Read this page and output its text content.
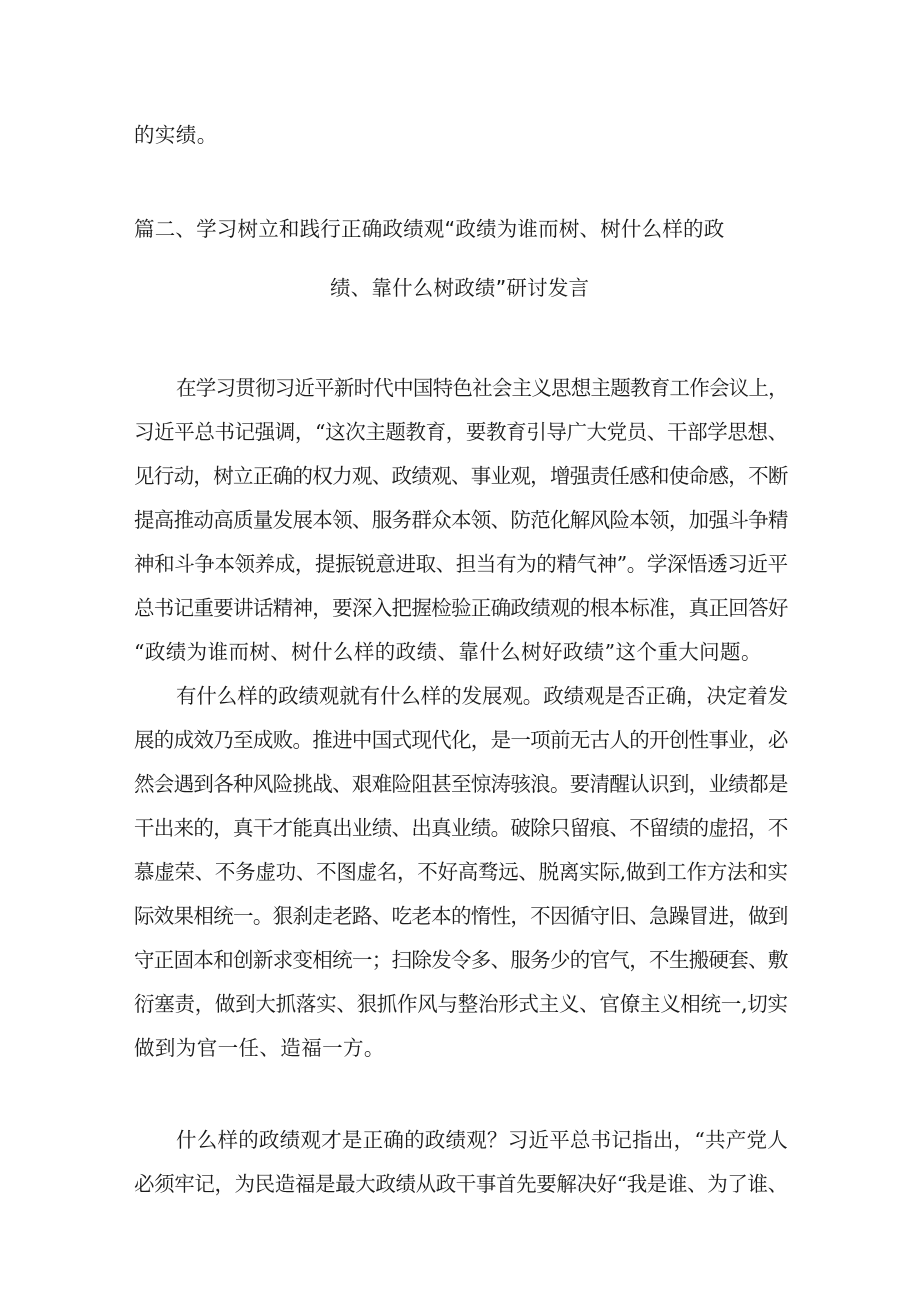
的实绩。
篇二、学习树立和践行正确政绩观“政绩为谁而树、树什么样的政
绩、靠什么树政绩”研讨发言
在学习贯彻习近平新时代中国特色社会主义思想主题教育工作会议上，
习近平总书记强调，“这次主题教育，要教育引导广大党员、干部学思想、
见行动，树立正确的权力观、政绩观、事业观，增强责任感和使命感，不断
提高推动高质量发展本领、服务群众本领、防范化解风险本领，加强斗争精
神和斗争本领养成，提振锐意进取、担当有为的精气神”。学深悟透习近平
总书记重要讲话精神，要深入把握检验正确政绩观的根本标准，真正回答好
“政绩为谁而树、树什么样的政绩、靠什么树好政绩”这个重大问题。
有什么样的政绩观就有什么样的发展观。政绩观是否正确，决定着发
展的成效乃至成败。推进中国式现代化，是一项前无古人的开创性事业，必
然会遇到各种风险挑战、艰难险阻甚至惊涛骇浪。要清醒认识到，业绩都是
干出来的，真干才能真出业绩、出真业绩。破除只留痕、不留绩的虚招，不
慕虚荣、不务虚功、不图虚名，不好高骛远、脱离实际,做到工作方法和实
际效果相统一。狠刹走老路、吃老本的惰性，不因循守旧、急躁冒进，做到
守正固本和创新求变相统一；扫除发令多、服务少的官气，不生搬硬套、敷
衍塞责，做到大抓落实、狠抓作风与整治形式主义、官僚主义相统一,切实
做到为官一任、造福一方。
什么样的政绩观才是正确的政绩观？习近平总书记指出，“共产党人
必须牢记，为民造福是最大政绩从政干事首先要解决好“我是谁、为了谁、
